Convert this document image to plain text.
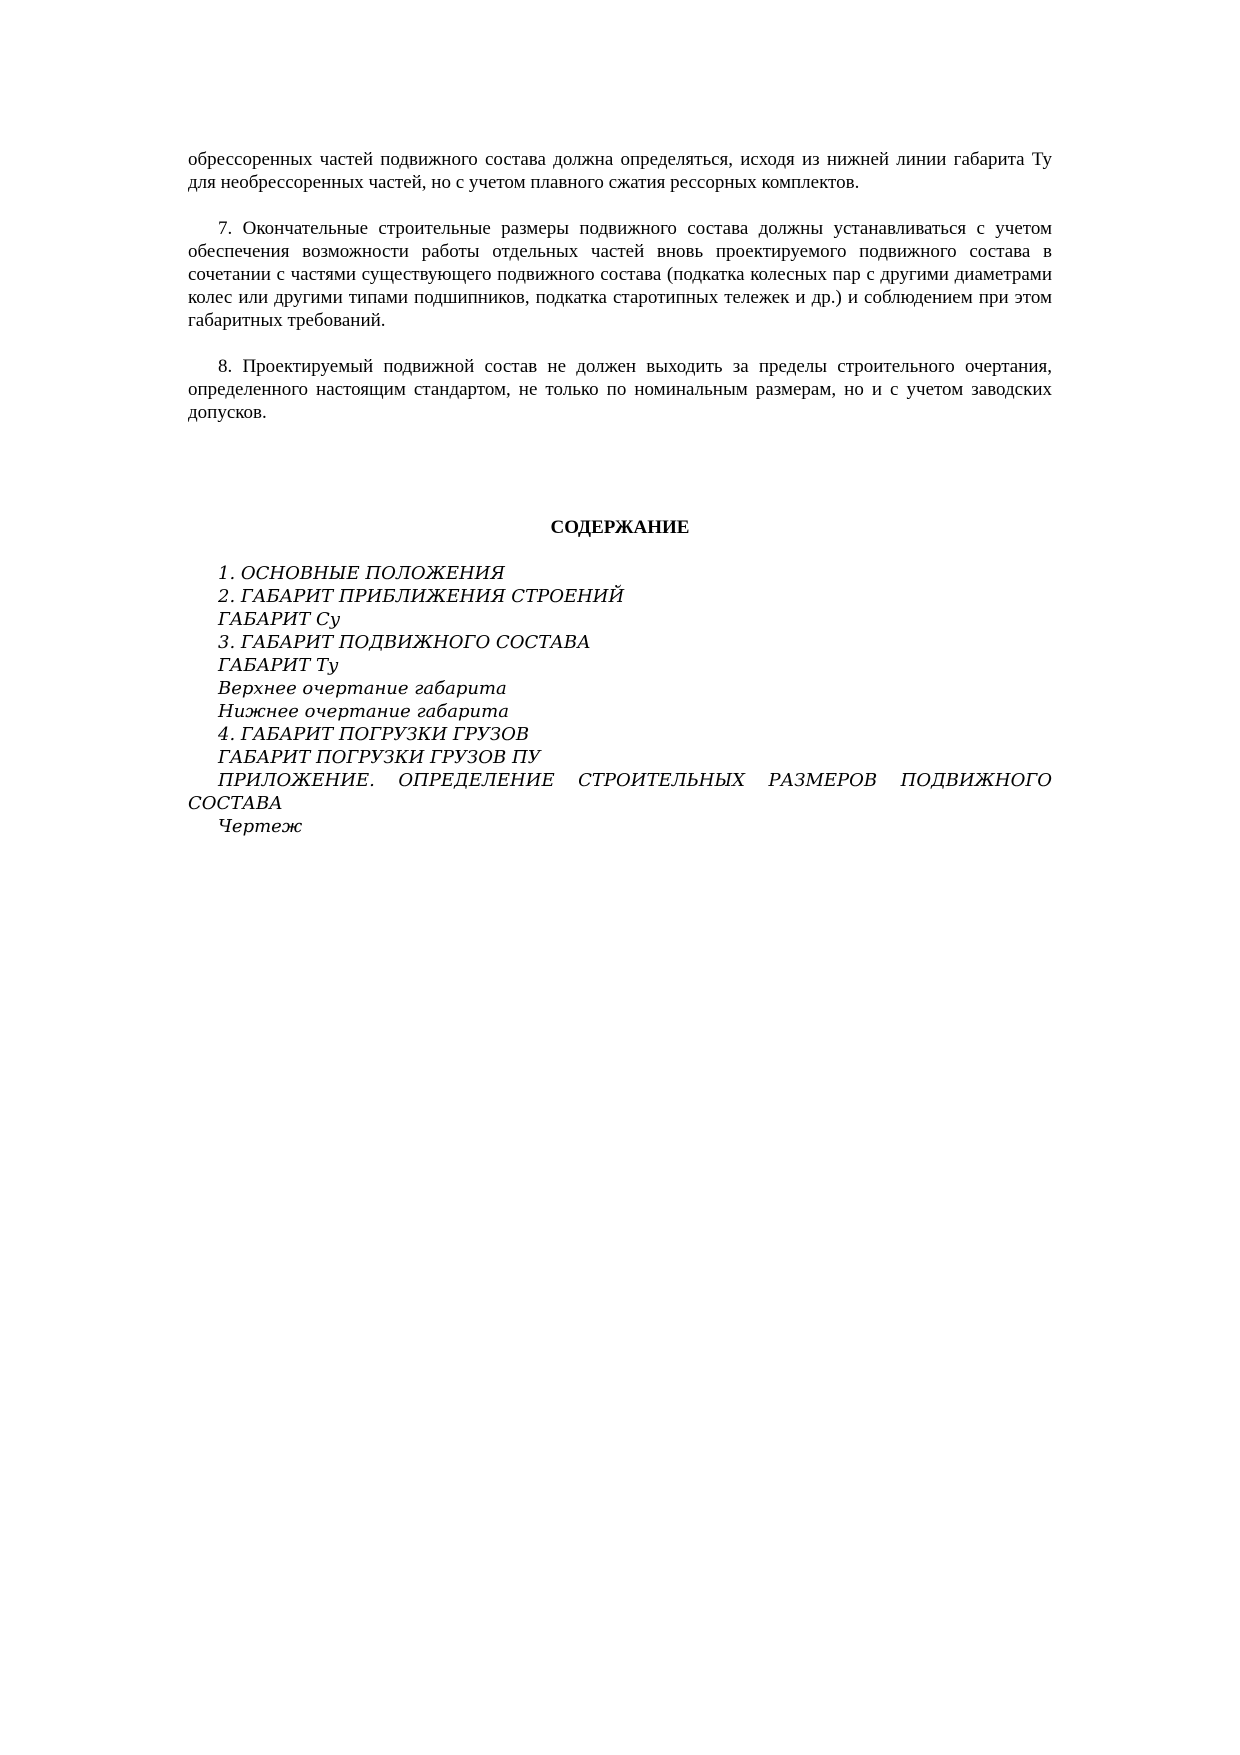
обрессоренных частей подвижного состава должна определяться, исходя из нижней линии габарита Ту для необрессоренных частей, но с учетом плавного сжатия рессорных комплектов.

7. Окончательные строительные размеры подвижного состава должны устанавливаться с учетом обеспечения возможности работы отдельных частей вновь проектируемого подвижного состава в сочетании с частями существующего подвижного состава (подкатка колесных пар с другими диаметрами колес или другими типами подшипников, подкатка старотипных тележек и др.) и соблюдением при этом габаритных требований.

8. Проектируемый подвижной состав не должен выходить за пределы строительного очертания, определенного настоящим стандартом, не только по номинальным размерам, но и с учетом заводских допусков.

СОДЕРЖАНИЕ
1. ОСНОВНЫЕ ПОЛОЖЕНИЯ
2. ГАБАРИТ ПРИБЛИЖЕНИЯ СТРОЕНИЙ
ГАБАРИТ Су
3. ГАБАРИТ ПОДВИЖНОГО СОСТАВА
ГАБАРИТ Ту
Верхнее очертание габарита
Нижнее очертание габарита
4. ГАБАРИТ ПОГРУЗКИ ГРУЗОВ
ГАБАРИТ ПОГРУЗКИ ГРУЗОВ ПУ
ПРИЛОЖЕНИЕ. ОПРЕДЕЛЕНИЕ СТРОИТЕЛЬНЫХ РАЗМЕРОВ ПОДВИЖНОГО СОСТАВА
Чертеж
